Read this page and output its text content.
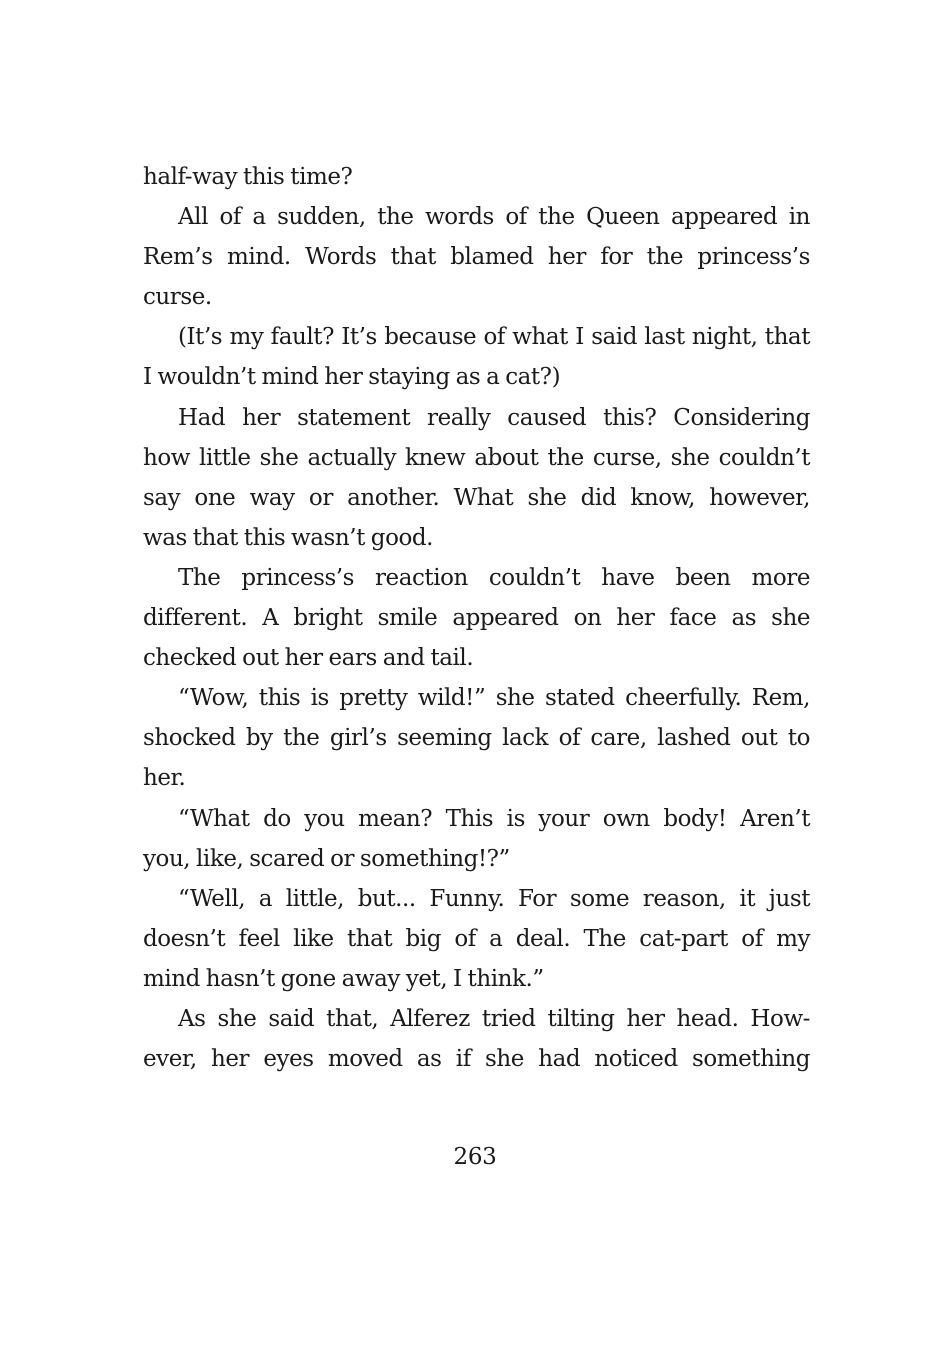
half-way this time?
All of a sudden, the words of the Queen appeared in
Rem’s mind. Words that blamed her for the princess’s
curse.
(It’s my fault? It’s because of what I said last night, that
I wouldn’t mind her staying as a cat?)
Had her statement really caused this? Considering
how little she actually knew about the curse, she couldn’t
say one way or another. What she did know, however,
was that this wasn’t good.
The princess’s reaction couldn’t have been more
different. A bright smile appeared on her face as she
checked out her ears and tail.
“Wow, this is pretty wild!” she stated cheerfully. Rem,
shocked by the girl’s seeming lack of care, lashed out to
her.
“What do you mean? This is your own body! Aren’t
you, like, scared or something!?”
“Well, a little, but... Funny. For some reason, it just
doesn’t feel like that big of a deal. The cat-part of my
mind hasn’t gone away yet, I think.”
As she said that, Alferez tried tilting her head. How-
ever, her eyes moved as if she had noticed something
263
